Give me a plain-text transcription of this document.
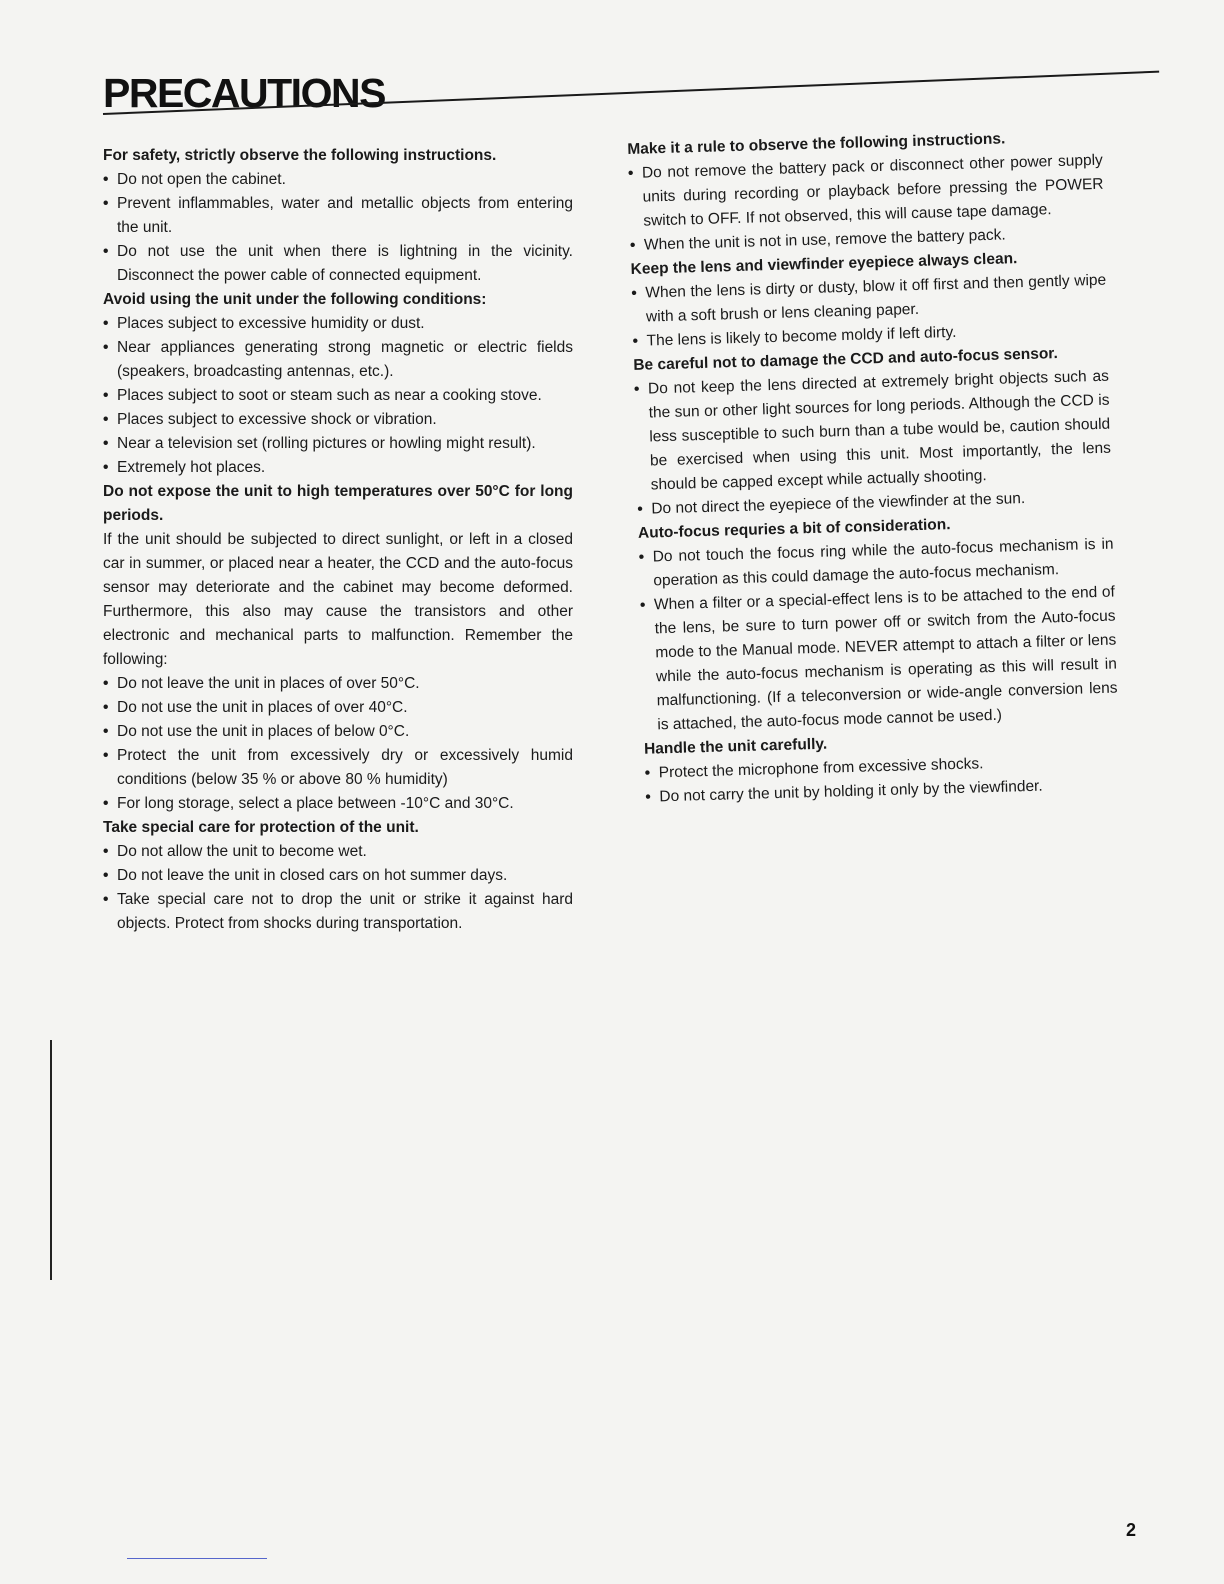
PRECAUTIONS

For safety, strictly observe the following instructions.

• Do not open the cabinet.

• Prevent inflammables, water and metallic objects from entering the unit.

• Do not use the unit when there is lightning in the vicinity. Disconnect the power cable of connected equipment.

Avoid using the unit under the following conditions:

• Places subject to excessive humidity or dust.

• Near appliances generating strong magnetic or electric fields (speakers, broadcasting antennas, etc.).

• Places subject to soot or steam such as near a cooking stove.

• Places subject to excessive shock or vibration.

• Near a television set (rolling pictures or howling might result).

• Extremely hot places.

Do not expose the unit to high temperatures over 50°C for long periods.

If the unit should be subjected to direct sunlight, or left in a closed car in summer, or placed near a heater, the CCD and the auto-focus sensor may deteriorate and the cabinet may become deformed. Furthermore, this also may cause the transistors and other electronic and mechanical parts to malfunction. Remember the following:

• Do not leave the unit in places of over 50°C.

• Do not use the unit in places of over 40°C.

• Do not use the unit in places of below 0°C.

• Protect the unit from excessively dry or excessively humid conditions (below 35 % or above 80 % humidity)

• For long storage, select a place between -10°C and 30°C.

Take special care for protection of the unit.

• Do not allow the unit to become wet.

• Do not leave the unit in closed cars on hot summer days.

• Take special care not to drop the unit or strike it against hard objects. Protect from shocks during transportation.

Make it a rule to observe the following instructions.

• Do not remove the battery pack or disconnect other power supply units during recording or playback before pressing the POWER switch to OFF. If not observed, this will cause tape damage.

• When the unit is not in use, remove the battery pack.

Keep the lens and viewfinder eyepiece always clean.

• When the lens is dirty or dusty, blow it off first and then gently wipe with a soft brush or lens cleaning paper.

• The lens is likely to become moldy if left dirty.

Be careful not to damage the CCD and auto-focus sensor.

• Do not keep the lens directed at extremely bright objects such as the sun or other light sources for long periods. Although the CCD is less susceptible to such burn than a tube would be, caution should be exercised when using this unit. Most importantly, the lens should be capped except while actually shooting.

• Do not direct the eyepiece of the viewfinder at the sun.

Auto-focus requries a bit of consideration.

• Do not touch the focus ring while the auto-focus mechanism is in operation as this could damage the auto-focus mechanism.

• When a filter or a special-effect lens is to be attached to the end of the lens, be sure to turn power off or switch from the Auto-focus mode to the Manual mode. NEVER attempt to attach a filter or lens while the auto-focus mechanism is operating as this will result in malfunctioning. (If a teleconversion or wide-angle conversion lens is attached, the auto-focus mode cannot be used.)

Handle the unit carefully.

• Protect the microphone from excessive shocks.

• Do not carry the unit by holding it only by the viewfinder.

2
